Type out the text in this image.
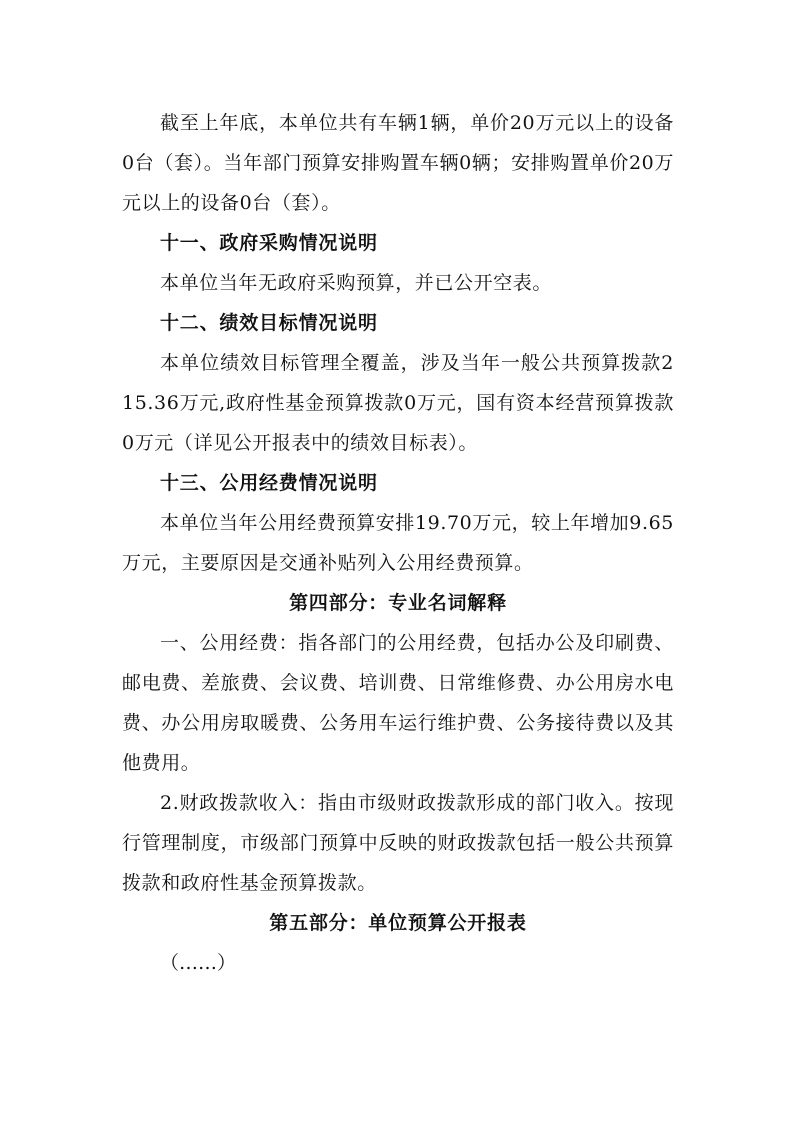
截至上年底，本单位共有车辆1辆，单价20万元以上的设备0台（套）。当年部门预算安排购置车辆0辆；安排购置单价20万元以上的设备0台（套）。

十一、政府采购情况说明

本单位当年无政府采购预算，并已公开空表。

十二、绩效目标情况说明

本单位绩效目标管理全覆盖，涉及当年一般公共预算拨款215.36万元,政府性基金预算拨款0万元，国有资本经营预算拨款0万元（详见公开报表中的绩效目标表）。

十三、公用经费情况说明

本单位当年公用经费预算安排19.70万元，较上年增加9.65万元，主要原因是交通补贴列入公用经费预算。

第四部分：专业名词解释

一、公用经费：指各部门的公用经费，包括办公及印刷费、邮电费、差旅费、会议费、培训费、日常维修费、办公用房水电费、办公用房取暖费、公务用车运行维护费、公务接待费以及其他费用。

2.财政拨款收入：指由市级财政拨款形成的部门收入。按现行管理制度，市级部门预算中反映的财政拨款包括一般公共预算拨款和政府性基金预算拨款。

第五部分：单位预算公开报表

（……）
